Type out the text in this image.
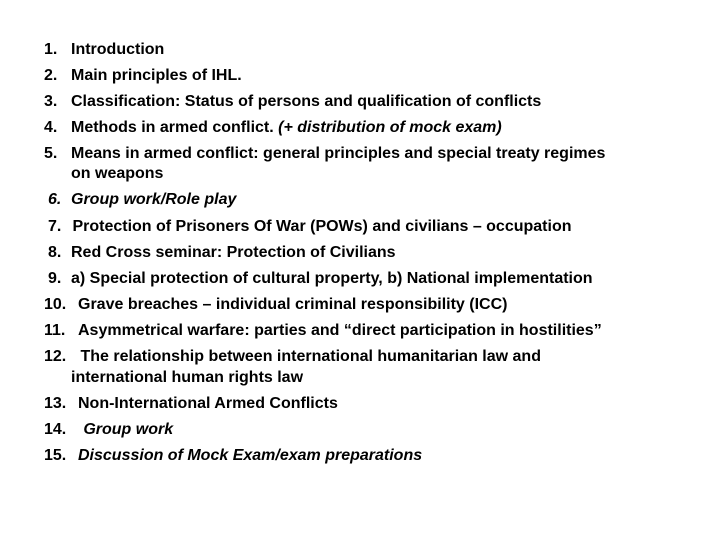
1. Introduction
2. Main principles of IHL.
3. Classification: Status of persons and qualification of conflicts
4. Methods in armed conflict. (+ distribution of mock exam)
5. Means in armed conflict: general principles and special treaty regimes
on weapons
6. Group work/Role play
7. Protection of Prisoners Of War (POWs) and civilians – occupation
8. Red Cross seminar: Protection of Civilians
9. a) Special protection of cultural property, b) National implementation
10. Grave breaches – individual criminal responsibility (ICC)
11. Asymmetrical warfare: parties and “direct participation in hostilities”
12. The relationship between international humanitarian law and
international human rights law
13. Non-International Armed Conflicts
14. Group work
15. Discussion of Mock Exam/exam preparations
